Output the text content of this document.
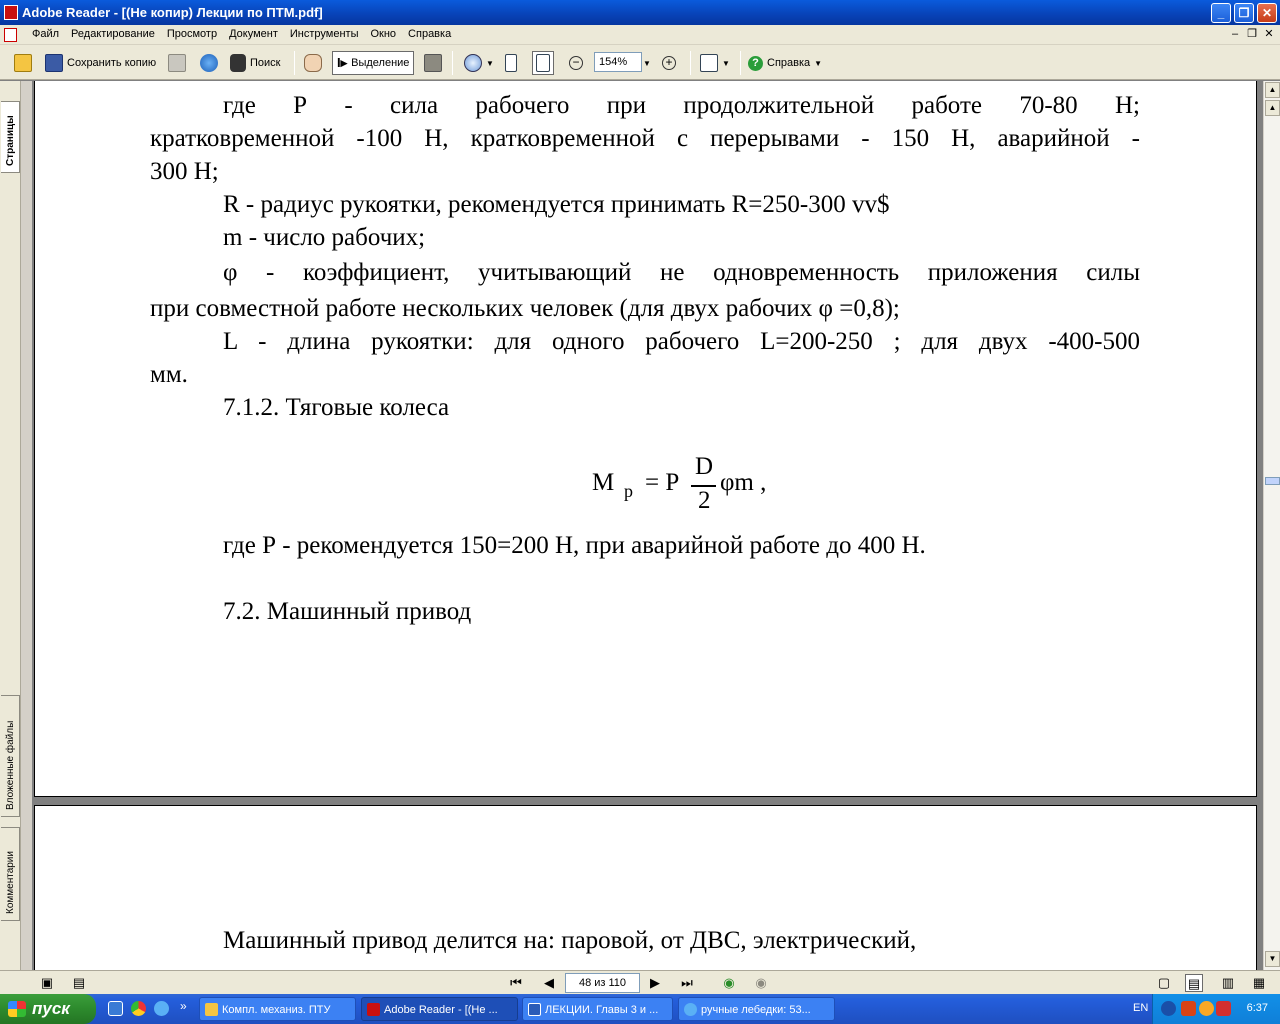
Adobe Reader - [(Не копир) Лекции по ПТМ.pdf]	_	❐	✕
Файл	Редактирование	Просмотр	Документ	Инструменты	Окно	Справка	– ❐ ✕
Сохранить копию	Поиск	I▸ Выделение	▼	−	▼ +	▼	? Справка ▼
154%
Страницы
Вложенные файлы
Комментарии
где Р - сила рабочего при продолжительной работе 70-80 Н;
кратковременной -100 Н, кратковременной с перерывами - 150 Н, аварийной -
300 Н;
R - радиус рукоятки, рекомендуется принимать R=250-300 vv$
m - число рабочих;
φ - коэффициент, учитывающий не одновременность приложения силы
при совместной работе нескольких человек (для двух рабочих φ =0,8);
L - длина рукоятки: для одного рабочего L=200-250 ; для двух -400-500
мм.
7.1.2. Тяговые колеса
M p = P
D
2
φm ,
где Р - рекомендуется 150=200 Н, при аварийной работе до 400 Н.
7.2. Машинный привод
Машинный привод делится на: паровой, от ДВС, электрический,
▲
▲
▼
▣ ▤	⏮	◀	48 из 110	▶	⏭ ◉ ◉	▢ ▤ ▥ ▦
пуск	»	Компл. механиз. ПТУ	Adobe Reader - [(Не ...	ЛЕКЦИИ. Главы 3 и ...	ручные лебедки: 53...	EN	6:37
